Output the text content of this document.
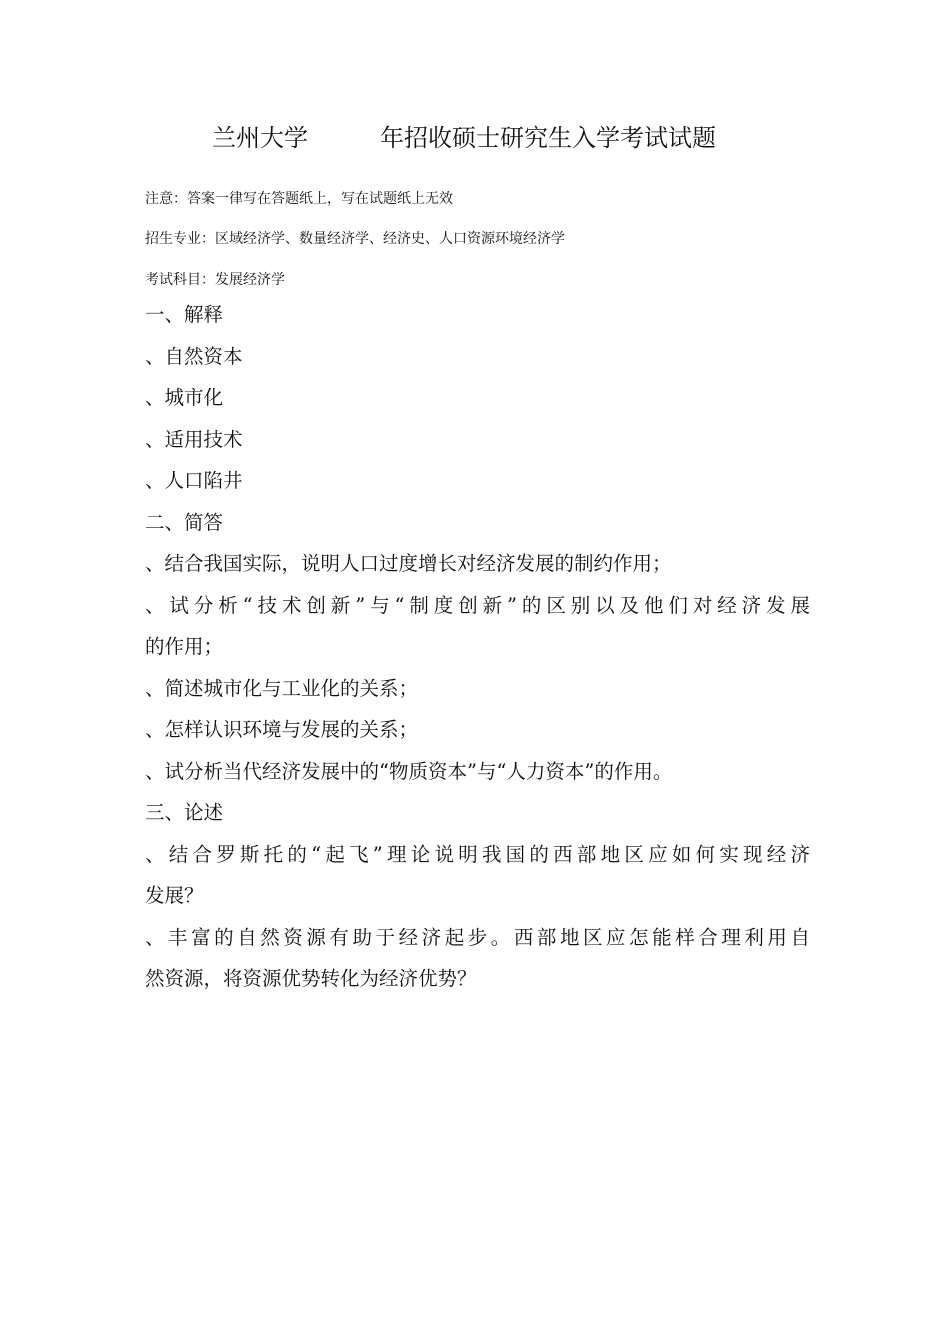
兰州大学	年招收硕士研究生入学考试试题
注意：答案一律写在答题纸上，写在试题纸上无效
招生专业：区域经济学、数量经济学、经济史、人口资源环境经济学
考试科目：发展经济学
一、解释
、自然资本
、城市化
、适用技术
、人口陷井
二、简答
、结合我国实际，说明人口过度增长对经济发展的制约作用；
、试分析“技术创新”与“制度创新”的区别以及他们对经济发展
的作用；
、简述城市化与工业化的关系；
、怎样认识环境与发展的关系；
、试分析当代经济发展中的“物质资本”与“人力资本”的作用。
三、论述
、结合罗斯托的“起飞”理论说明我国的西部地区应如何实现经济
发展？
、丰富的自然资源有助于经济起步。西部地区应怎能样合理利用自
然资源，将资源优势转化为经济优势？
